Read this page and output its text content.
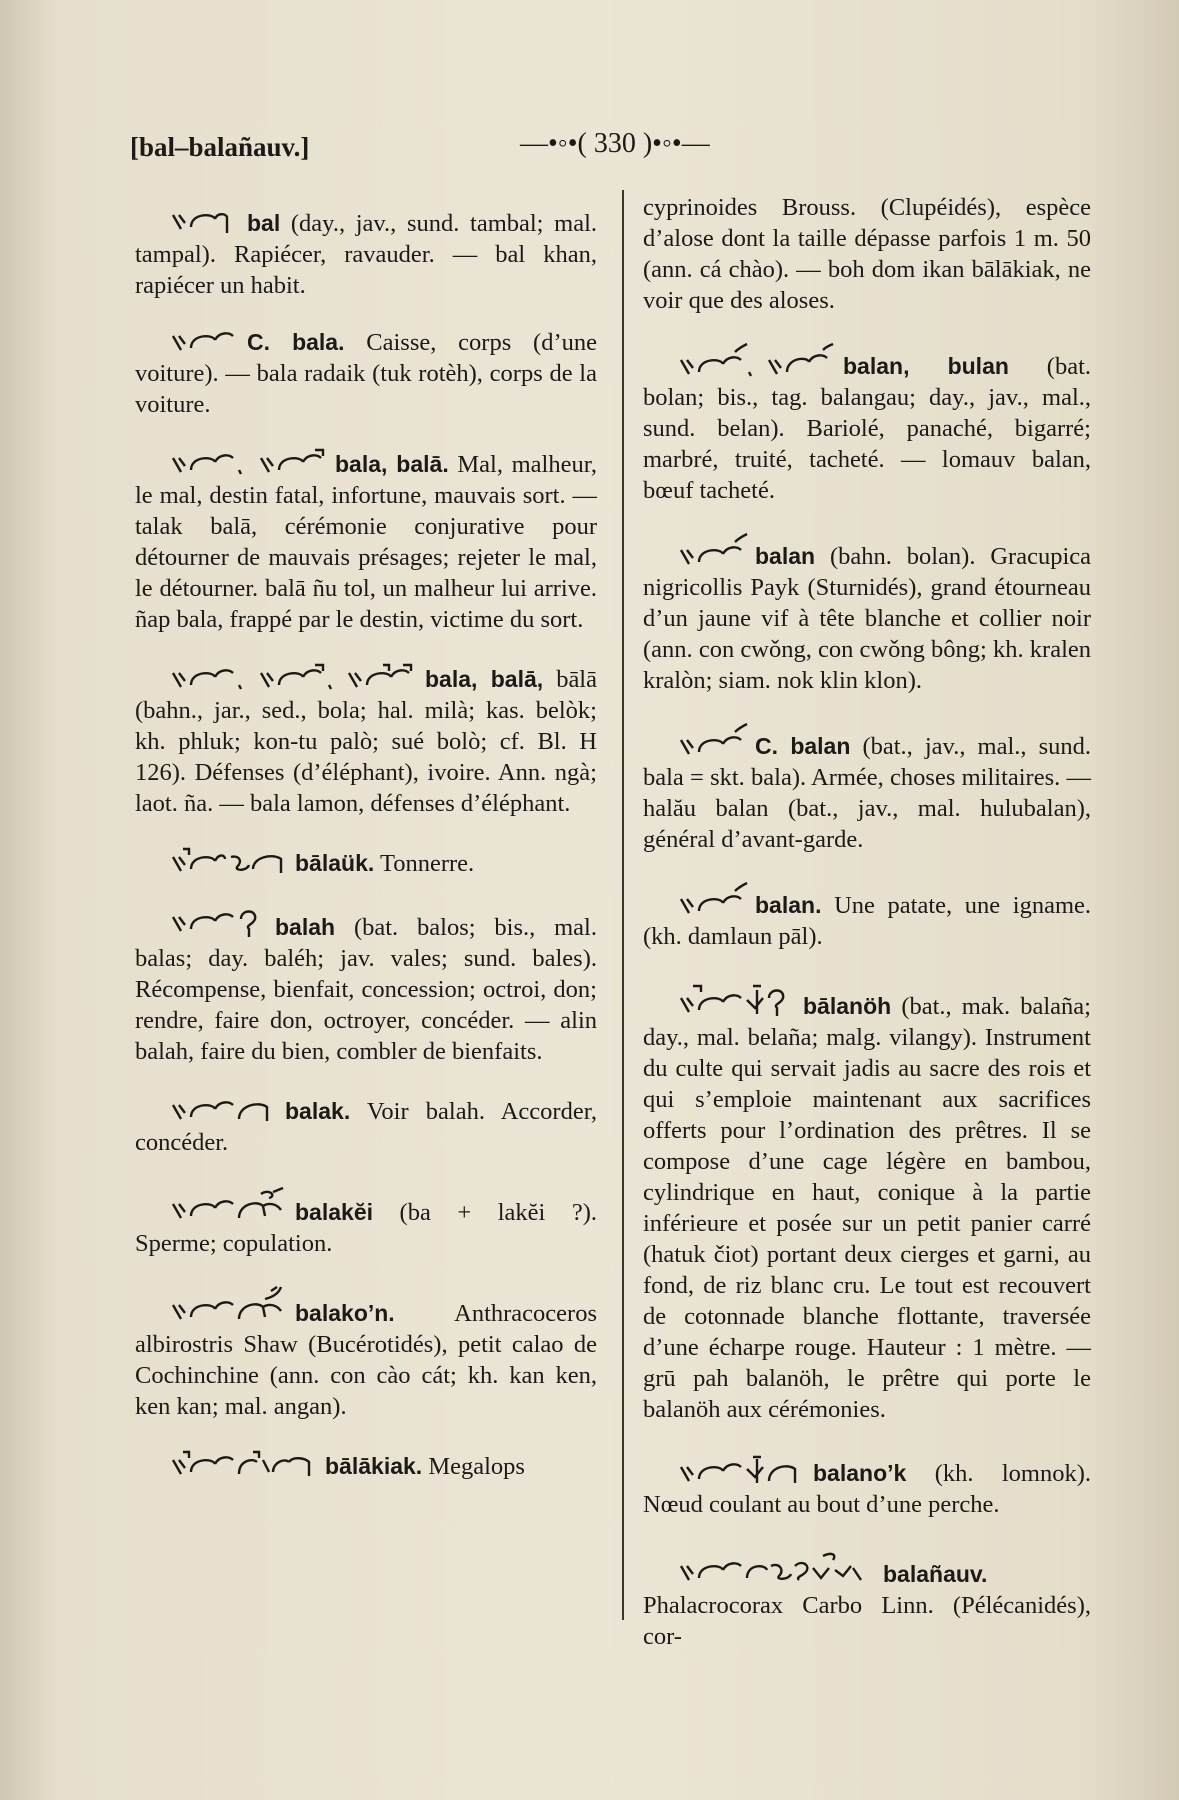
[bal–balañauv.]	—•◦•( 330 )•◦•—
bal (day., jav., sund. tambal; mal. tampal). Rapiécer, ravauder. — bal khan, rapiécer un habit.
C. bala. Caisse, corps (d’une voiture). — bala radaik (tuk rotèh), corps de la voiture.
bala, balā. Mal, malheur, le mal, destin fatal, infortune, mauvais sort. — talak balā, cérémonie conjurative pour détourner de mauvais présages; rejeter le mal, le détourner. balā ñu tol, un malheur lui arrive. ñap bala, frappé par le destin, victime du sort.
bala, balā, bālā (bahn., jar., sed., bola; hal. milà; kas. belòk; kh. phluk; kon-tu palò; sué bolò; cf. Bl. H 126). Défenses (d’éléphant), ivoire. Ann. ngà; laot. ña. — bala lamon, défenses d’éléphant.
bālaük. Tonnerre.
balah (bat. balos; bis., mal. balas; day. baléh; jav. vales; sund. bales). Récompense, bienfait, concession; octroi, don; rendre, faire don, octroyer, concéder. — alin balah, faire du bien, combler de bienfaits.
balak. Voir balah. Accorder, concéder.
balakĕi (ba + lakĕi ?). Sperme; copulation.
balako’n. Anthracoceros albirostris Shaw (Bucérotidés), petit calao de Cochinchine (ann. con cào cát; kh. kan ken, ken kan; mal. angan).
bālākiak. Megalops
cyprinoides Brouss. (Clupéidés), espèce d’alose dont la taille dépasse parfois 1 m. 50 (ann. cá chào). — boh dom ikan bālākiak, ne voir que des aloses.
balan, bulan (bat. bolan; bis., tag. balangau; day., jav., mal., sund. belan). Bariolé, panaché, bigarré; marbré, truité, tacheté. — lomauv balan, bœuf tacheté.
balan (bahn. bolan). Gracupica nigricollis Payk (Sturnidés), grand étourneau d’un jaune vif à tête blanche et collier noir (ann. con cwǒng, con cwǒng bông; kh. kralen kralòn; siam. nok klin klon).
C. balan (bat., jav., mal., sund. bala = skt. bala). Armée, choses militaires. — halău balan (bat., jav., mal. hulubalan), général d’avant-garde.
balan. Une patate, une igname. (kh. damlaun pāl).
bālanöh (bat., mak. balaña; day., mal. belaña; malg. vilangy). Instrument du culte qui servait jadis au sacre des rois et qui s’emploie maintenant aux sacrifices offerts pour l’ordination des prêtres. Il se compose d’une cage légère en bambou, cylindrique en haut, conique à la partie inférieure et posée sur un petit panier carré (hatuk čiot) portant deux cierges et garni, au fond, de riz blanc cru. Le tout est recouvert de cotonnade blanche flottante, traversée d’une écharpe rouge. Hauteur : 1 mètre. — grū pah balanöh, le prêtre qui porte le balanöh aux cérémonies.
balano’k (kh. lomnok). Nœud coulant au bout d’une perche.
balañauv. Phalacrocorax Carbo Linn. (Pélécanidés), cor-
